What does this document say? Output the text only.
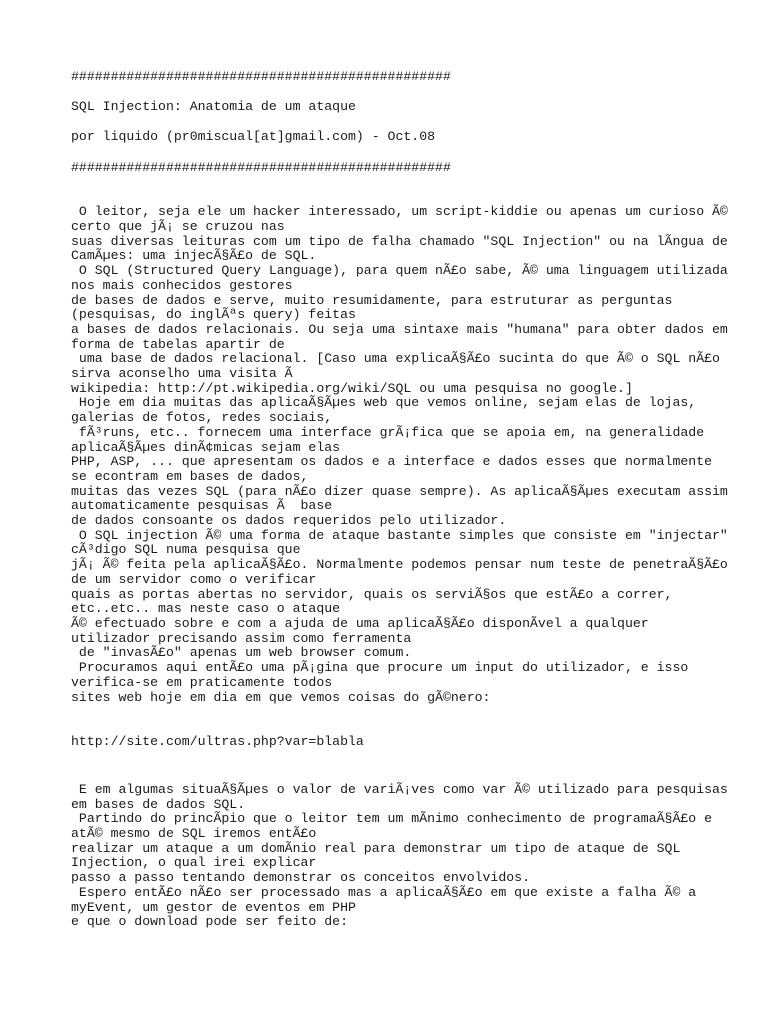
################################################
SQL Injection: Anatomia de um ataque
por liquido (pr0miscual[at]gmail.com) - Oct.08
################################################
O leitor, seja ele um hacker interessado, um script-kiddie ou apenas um curioso Ã©
certo que jÃ¡ se cruzou nas
suas diversas leituras com um tipo de falha chamado "SQL Injection" ou na lÃngua de
CamÃµes: uma injecÃ§Ã£o de SQL.
O SQL (Structured Query Language), para quem nÃ£o sabe, Ã© uma linguagem utilizada
nos mais conhecidos gestores
de bases de dados e serve, muito resumidamente, para estruturar as perguntas
(pesquisas, do inglÃªs query) feitas
a bases de dados relacionais. Ou seja uma sintaxe mais "humana" para obter dados em
forma de tabelas apartir de
uma base de dados relacional. [Caso uma explicaÃ§Ã£o sucinta do que Ã© o SQL nÃ£o
sirva aconselho uma visita Ã
wikipedia: http://pt.wikipedia.org/wiki/SQL ou uma pesquisa no google.]
Hoje em dia muitas das aplicaÃ§Ãµes web que vemos online, sejam elas de lojas,
galerias de fotos, redes sociais,
fÃ³runs, etc.. fornecem uma interface grÃ¡fica que se apoia em, na generalidade
aplicaÃ§Ãµes dinÃ¢micas sejam elas
PHP, ASP, ... que apresentam os dados e a interface e dados esses que normalmente
se econtram em bases de dados,
muitas das vezes SQL (para nÃ£o dizer quase sempre). As aplicaÃ§Ãµes executam assim
automaticamente pesquisas Ã  base
de dados consoante os dados requeridos pelo utilizador.
O SQL injection Ã© uma forma de ataque bastante simples que consiste em "injectar"
cÃ³digo SQL numa pesquisa que
jÃ¡ Ã© feita pela aplicaÃ§Ã£o. Normalmente podemos pensar num teste de penetraÃ§Ã£o
de um servidor como o verificar
quais as portas abertas no servidor, quais os serviÃ§os que estÃ£o a correr,
etc..etc.. mas neste caso o ataque
Ã© efectuado sobre e com a ajuda de uma aplicaÃ§Ã£o disponÃvel a qualquer
utilizador precisando assim como ferramenta
de "invasÃ£o" apenas um web browser comum.
Procuramos aqui entÃ£o uma pÃ¡gina que procure um input do utilizador, e isso
verifica-se em praticamente todos
sites web hoje em dia em que vemos coisas do gÃ©nero:
http://site.com/ultras.php?var=blabla
E em algumas situaÃ§Ãµes o valor de variÃ¡ves como var Ã© utilizado para pesquisas
em bases de dados SQL.
Partindo do princÃpio que o leitor tem um mÃnimo conhecimento de programaÃ§Ã£o e
atÃ© mesmo de SQL iremos entÃ£o
realizar um ataque a um domÃnio real para demonstrar um tipo de ataque de SQL
Injection, o qual irei explicar
passo a passo tentando demonstrar os conceitos envolvidos.
Espero entÃ£o nÃ£o ser processado mas a aplicaÃ§Ã£o em que existe a falha Ã© a
myEvent, um gestor de eventos em PHP
e que o download pode ser feito de:
